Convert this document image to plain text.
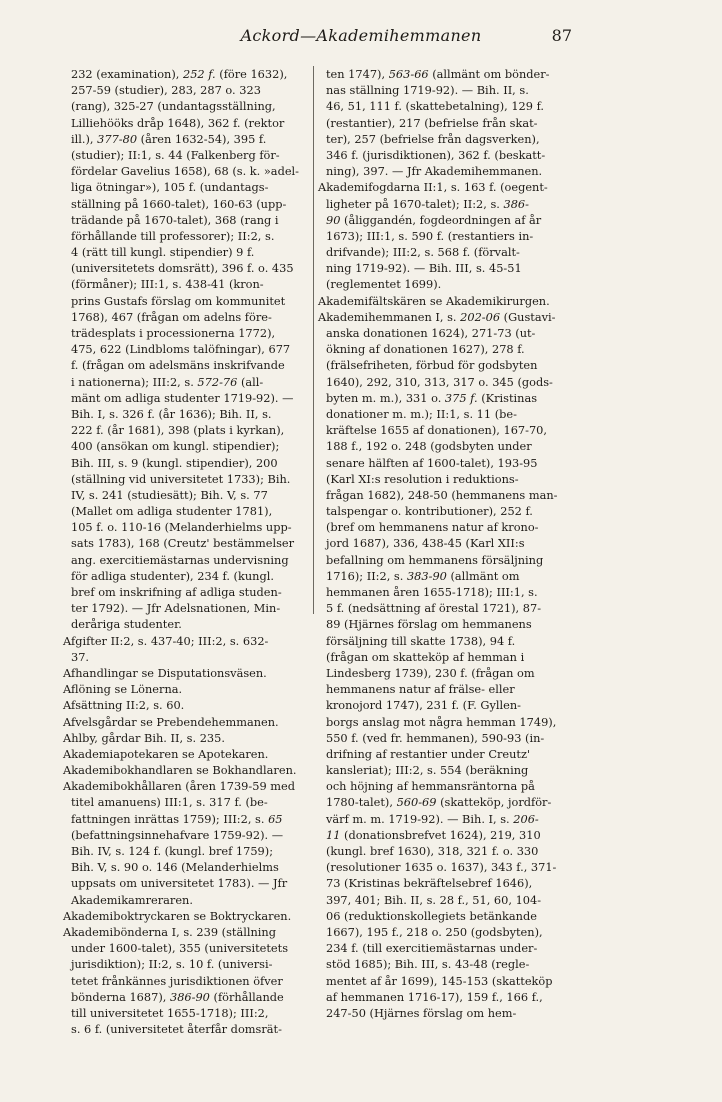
Ackord—Akademihemmanen	87
232 (examination), 252 f. (före 1632),
257-59 (studier), 283, 287 o. 323
(rang), 325-27 (undantagsställning,
Lilliehööks dråp 1648), 362 f. (rektor
ill.), 377-80 (åren 1632-54), 395 f.
(studier); II:1, s. 44 (Falkenberg för-
fördelar Gavelius 1658), 68 (s. k. »adel-
liga ötningar»), 105 f. (undantags-
ställning på 1660-talet), 160-63 (upp-
trädande på 1670-talet), 368 (rang i
förhållande till professorer); II:2, s.
4 (rätt till kungl. stipendier) 9 f.
(universitetets domsrätt), 396 f. o. 435
(förmåner); III:1, s. 438-41 (kron-
prins Gustafs förslag om kommunitet
1768), 467 (frågan om adelns före-
trädesplats i processionerna 1772),
475, 622 (Lindbloms talöfningar), 677
f. (frågan om adelsmäns inskrifvande
i nationerna); III:2, s. 572-76 (all-
mänt om adliga studenter 1719-92). —
Bih. I, s. 326 f. (år 1636); Bih. II, s.
222 f. (år 1681), 398 (plats i kyrkan),
400 (ansökan om kungl. stipendier);
Bih. III, s. 9 (kungl. stipendier), 200
(ställning vid universitetet 1733); Bih.
IV, s. 241 (studiesätt); Bih. V, s. 77
(Mallet om adliga studenter 1781),
105 f. o. 110-16 (Melanderhielms upp-
sats 1783), 168 (Creutz' bestämmelser
ang. exercitiemästarnas undervisning
för adliga studenter), 234 f. (kungl.
bref om inskrifning af adliga studen-
ter 1792). — Jfr Adelsnationen, Min-
deråriga studenter.
Afgifter II:2, s. 437-40; III:2, s. 632-
37.
Afhandlingar se Disputationsväsen.
Aflöning se Lönerna.
Afsättning II:2, s. 60.
Afvelsgårdar se Prebendehemmanen.
Ahlby, gårdar Bih. II, s. 235.
Akademiapotekaren se Apotekaren.
Akademibokhandlaren se Bokhandlaren.
Akademibokhållaren (åren 1739-59 med
titel amanuens) III:1, s. 317 f. (be-
fattningen inrättas 1759); III:2, s. 65
(befattningsinnehafvare 1759-92). —
Bih. IV, s. 124 f. (kungl. bref 1759);
Bih. V, s. 90 o. 146 (Melanderhielms
uppsats om universitetet 1783). — Jfr
Akademikamreraren.
Akademiboktryckaren se Boktryckaren.
Akademibönderna I, s. 239 (ställning
under 1600-talet), 355 (universitetets
jurisdiktion); II:2, s. 10 f. (universi-
tetet frånkännes jurisdiktionen öfver
bönderna 1687), 386-90 (förhållande
till universitetet 1655-1718); III:2,
s. 6 f. (universitetet återfår domsrät-
ten 1747), 563-66 (allmänt om bönder-
nas ställning 1719-92). — Bih. II, s.
46, 51, 111 f. (skattebetalning), 129 f.
(restantier), 217 (befrielse från skat-
ter), 257 (befrielse från dagsverken),
346 f. (jurisdiktionen), 362 f. (beskatt-
ning), 397. — Jfr Akademihemmanen.
Akademifogdarna II:1, s. 163 f. (oegent-
ligheter på 1670-talet); II:2, s. 386-
90 (åliggandén, fogdeordningen af år
1673); III:1, s. 590 f. (restantiers in-
drifvande); III:2, s. 568 f. (förvalt-
ning 1719-92). — Bih. III, s. 45-51
(reglementet 1699).
Akademifältskären se Akademikirurgen.
Akademihemmanen I, s. 202-06 (Gustavi-
anska donationen 1624), 271-73 (ut-
ökning af donationen 1627), 278 f.
(frälsefriheten, förbud för godsbyten
1640), 292, 310, 313, 317 o. 345 (gods-
byten m. m.), 331 o. 375 f. (Kristinas
donationer m. m.); II:1, s. 11 (be-
kräftelse 1655 af donationen), 167-70,
188 f., 192 o. 248 (godsbyten under
senare hälften af 1600-talet), 193-95
(Karl XI:s resolution i reduktions-
frågan 1682), 248-50 (hemmanens man-
talspengar o. kontributioner), 252 f.
(bref om hemmanens natur af krono-
jord 1687), 336, 438-45 (Karl XII:s
befallning om hemmanens försäljning
1716); II:2, s. 383-90 (allmänt om
hemmanen åren 1655-1718); III:1, s.
5 f. (nedsättning af örestal 1721), 87-
89 (Hjärnes förslag om hemmanens
försäljning till skatte 1738), 94 f.
(frågan om skatteköp af hemman i
Lindesberg 1739), 230 f. (frågan om
hemmanens natur af frälse- eller
kronojord 1747), 231 f. (F. Gyllen-
borgs anslag mot några hemman 1749),
550 f. (ved fr. hemmanen), 590-93 (in-
drifning af restantier under Creutz'
kansleriat); III:2, s. 554 (beräkning
och höjning af hemmansräntorna på
1780-talet), 560-69 (skatteköp, jordför-
värf m. m. 1719-92). — Bih. I, s. 206-
11 (donationsbrefvet 1624), 219, 310
(kungl. bref 1630), 318, 321 f. o. 330
(resolutioner 1635 o. 1637), 343 f., 371-
73 (Kristinas bekräftelsebref 1646),
397, 401; Bih. II, s. 28 f., 51, 60, 104-
06 (reduktionskollegiets betänkande
1667), 195 f., 218 o. 250 (godsbyten),
234 f. (till exercitiemästarnas under-
stöd 1685); Bih. III, s. 43-48 (regle-
mentet af år 1699), 145-153 (skatteköp
af hemmanen 1716-17), 159 f., 166 f.,
247-50 (Hjärnes förslag om hem-
